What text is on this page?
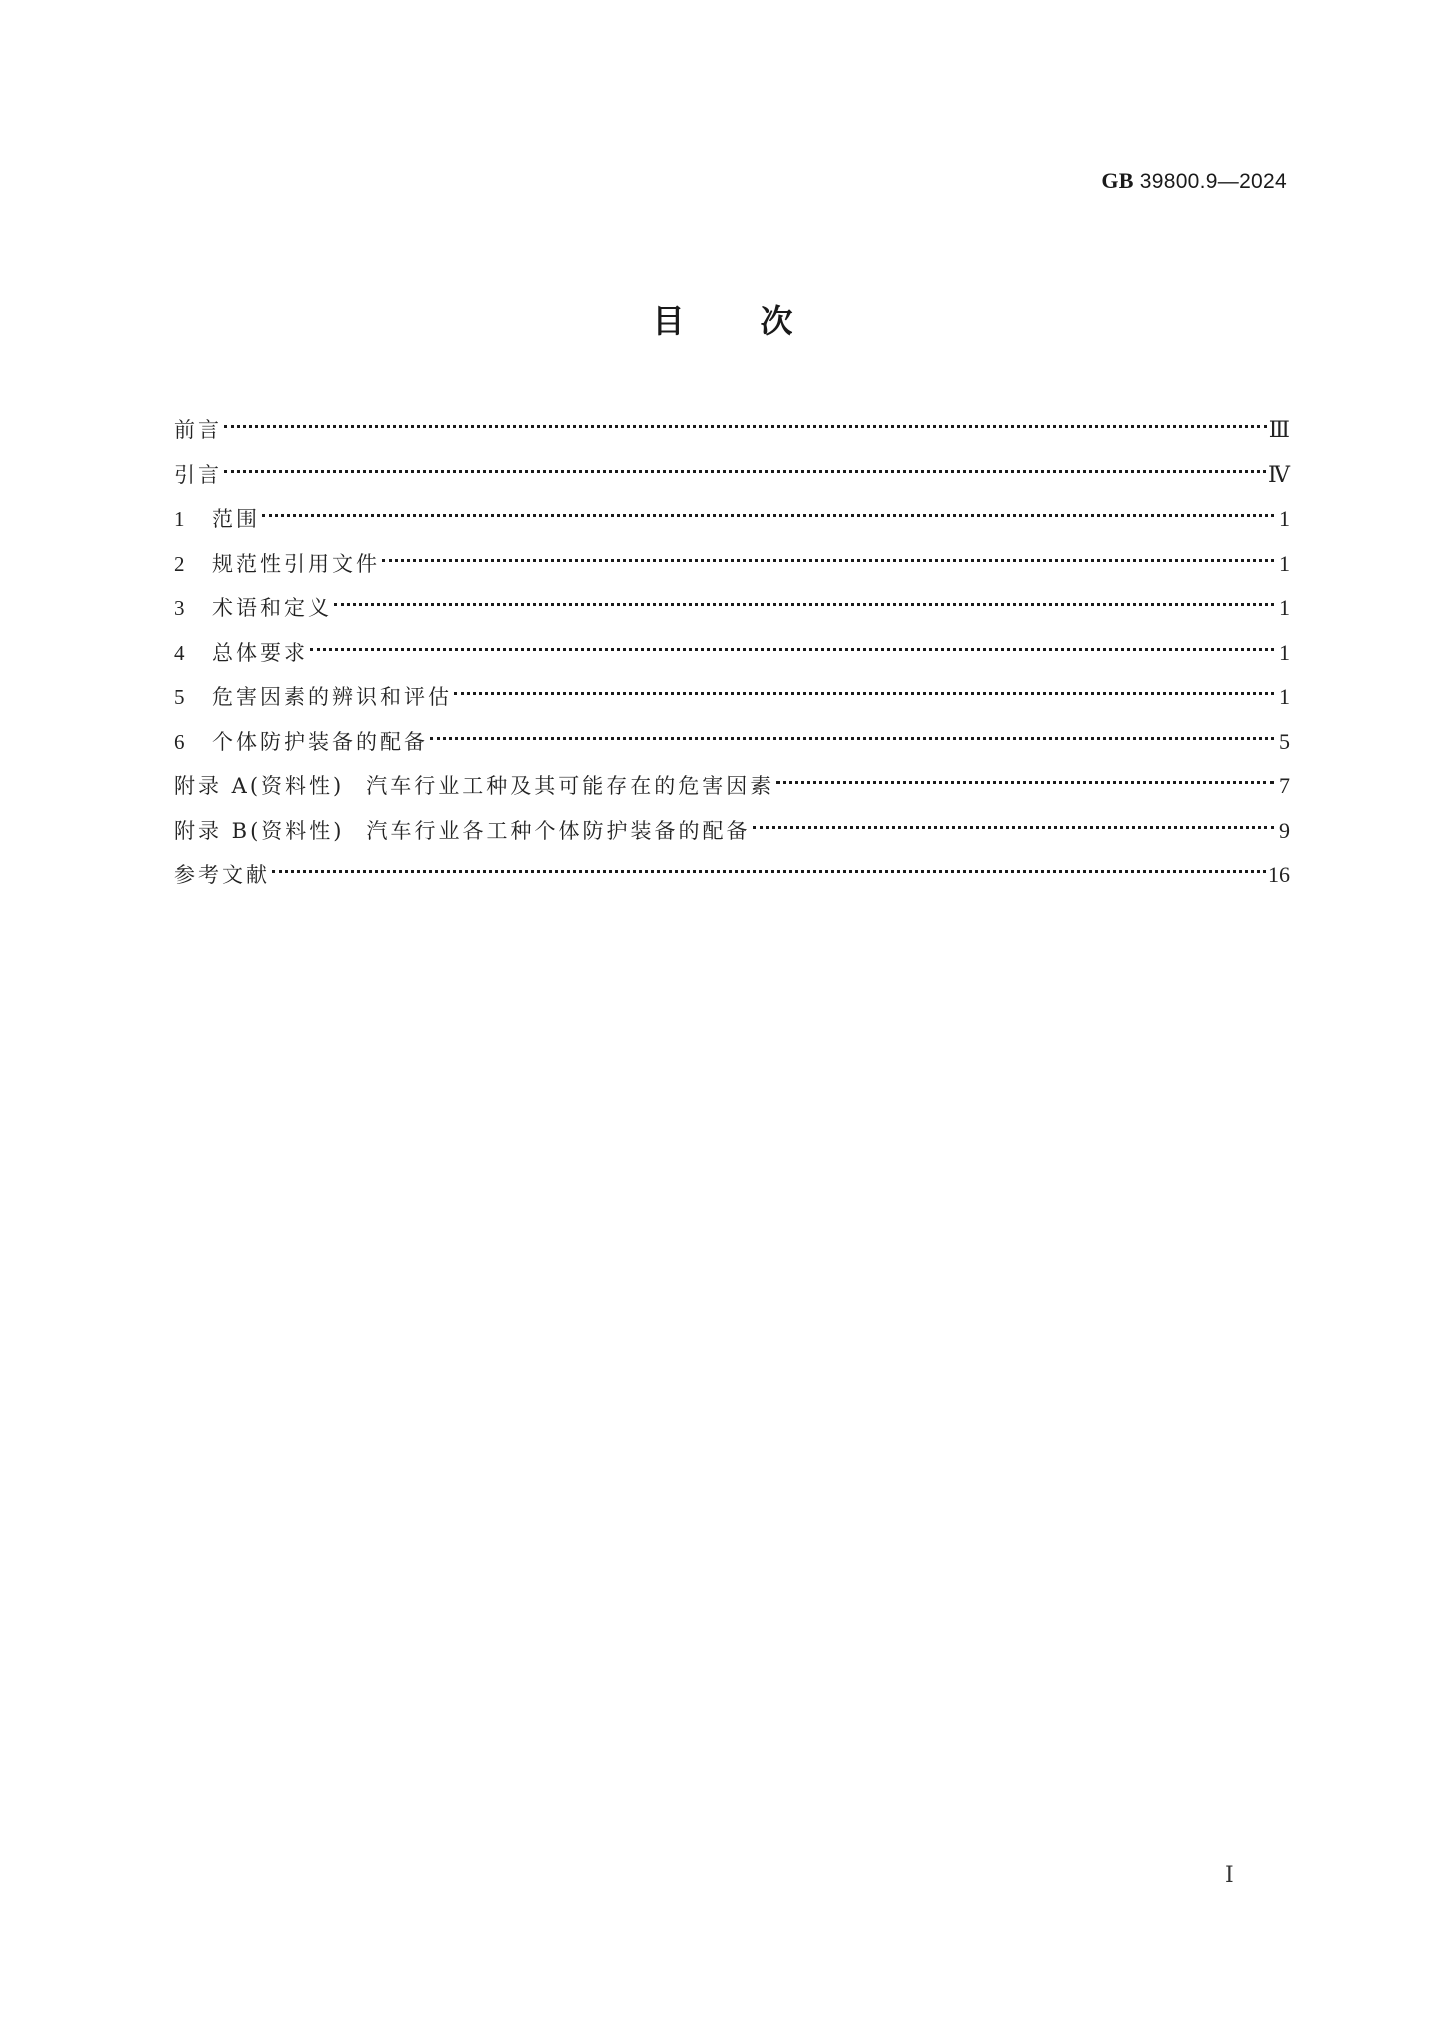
GB 39800.9—2024
目 次
前言	Ⅲ
引言	Ⅳ
1	范围	1
2	规范性引用文件	1
3	术语和定义	1
4	总体要求	1
5	危害因素的辨识和评估	1
6	个体防护装备的配备	5
附录 A(资料性) 汽车行业工种及其可能存在的危害因素	7
附录 B(资料性) 汽车行业各工种个体防护装备的配备	9
参考文献	16
Ⅰ
